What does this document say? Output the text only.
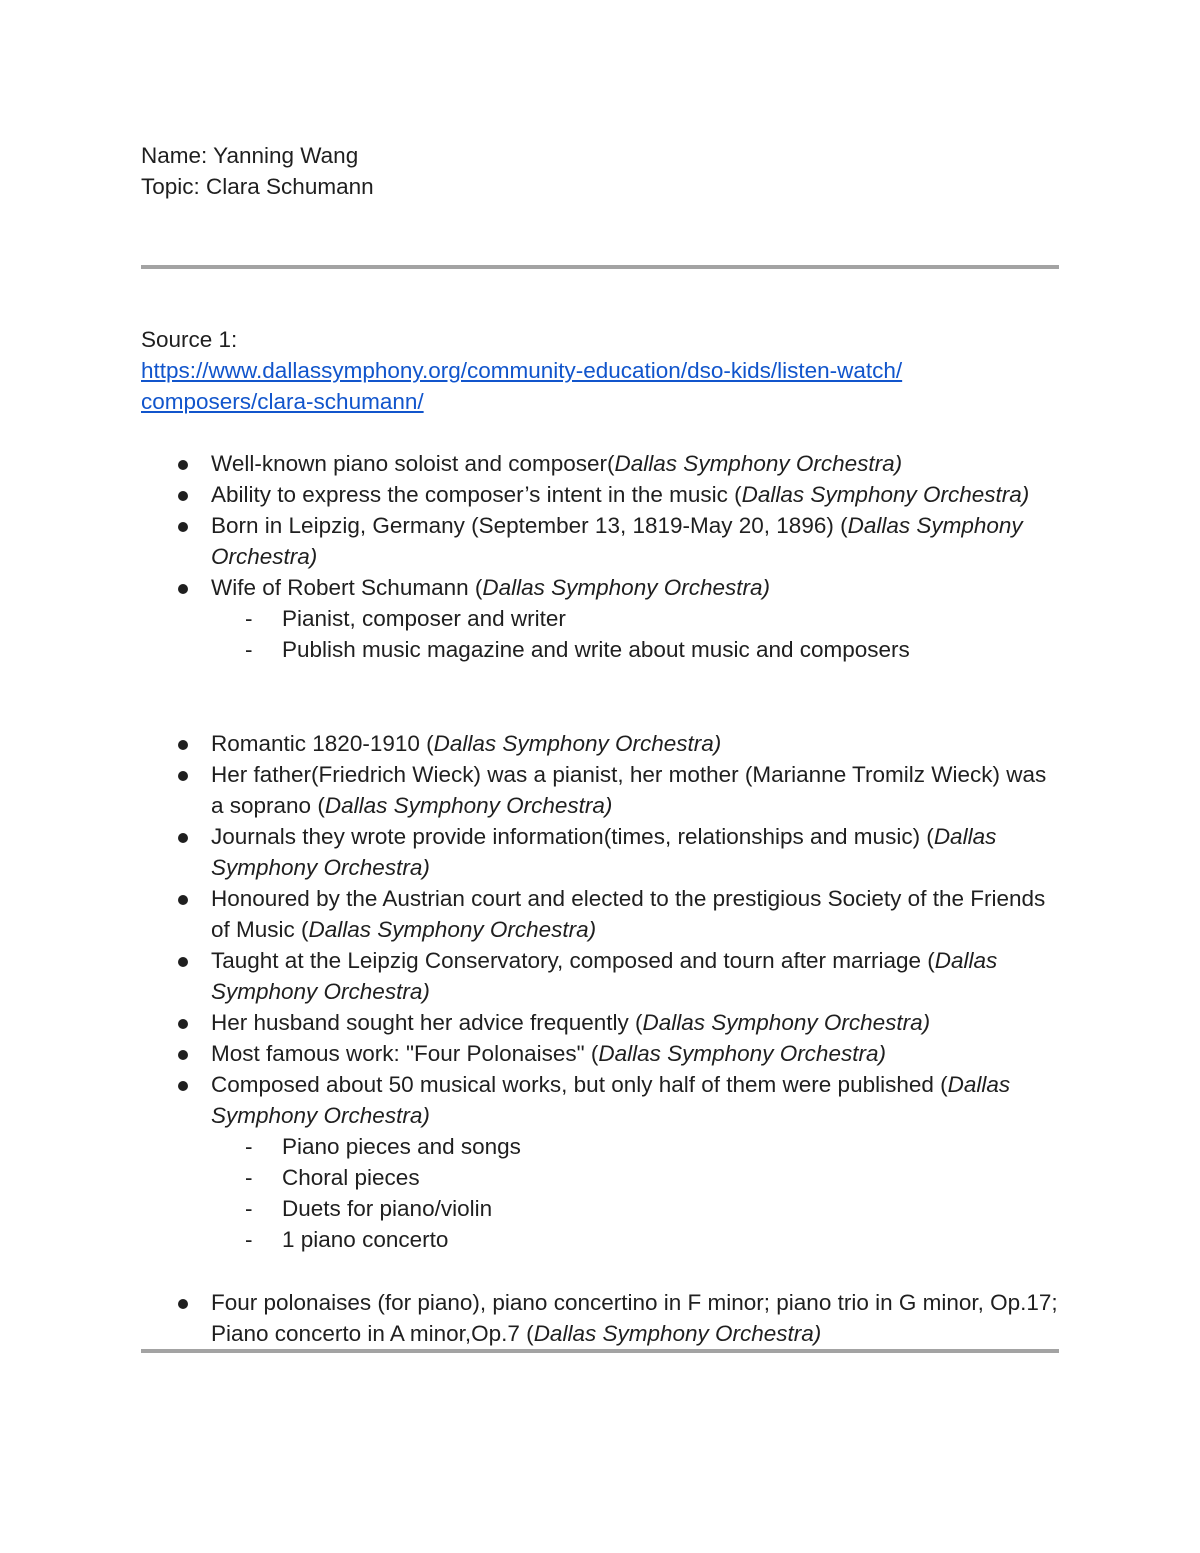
Name: Yanning Wang
Topic: Clara Schumann
Source 1:
https://www.dallassymphony.org/community-education/dso-kids/listen-watch/
composers/clara-schumann/
Well-known piano soloist and composer(Dallas Symphony Orchestra)
Ability to express the composer’s intent in the music (Dallas Symphony Orchestra)
Born in Leipzig, Germany (September 13, 1819-May 20, 1896) (Dallas Symphony Orchestra)
Wife of Robert Schumann (Dallas Symphony Orchestra)
- Pianist, composer and writer
- Publish music magazine and write about music and composers
Romantic 1820-1910 (Dallas Symphony Orchestra)
Her father(Friedrich Wieck) was a pianist, her mother (Marianne Tromilz Wieck) was a soprano (Dallas Symphony Orchestra)
Journals they wrote provide information(times, relationships and music) (Dallas Symphony Orchestra)
Honoured by the Austrian court and elected to the prestigious Society of the Friends of Music (Dallas Symphony Orchestra)
Taught at the Leipzig Conservatory, composed and tourn after marriage (Dallas Symphony Orchestra)
Her husband sought her advice frequently (Dallas Symphony Orchestra)
Most famous work: "Four Polonaises" (Dallas Symphony Orchestra)
Composed about 50 musical works, but only half of them were published (Dallas Symphony Orchestra)
- Piano pieces and songs
- Choral pieces
- Duets for piano/violin
- 1 piano concerto
Four polonaises (for piano), piano concertino in F minor; piano trio in G minor, Op.17; Piano concerto in A minor,Op.7 (Dallas Symphony Orchestra)
